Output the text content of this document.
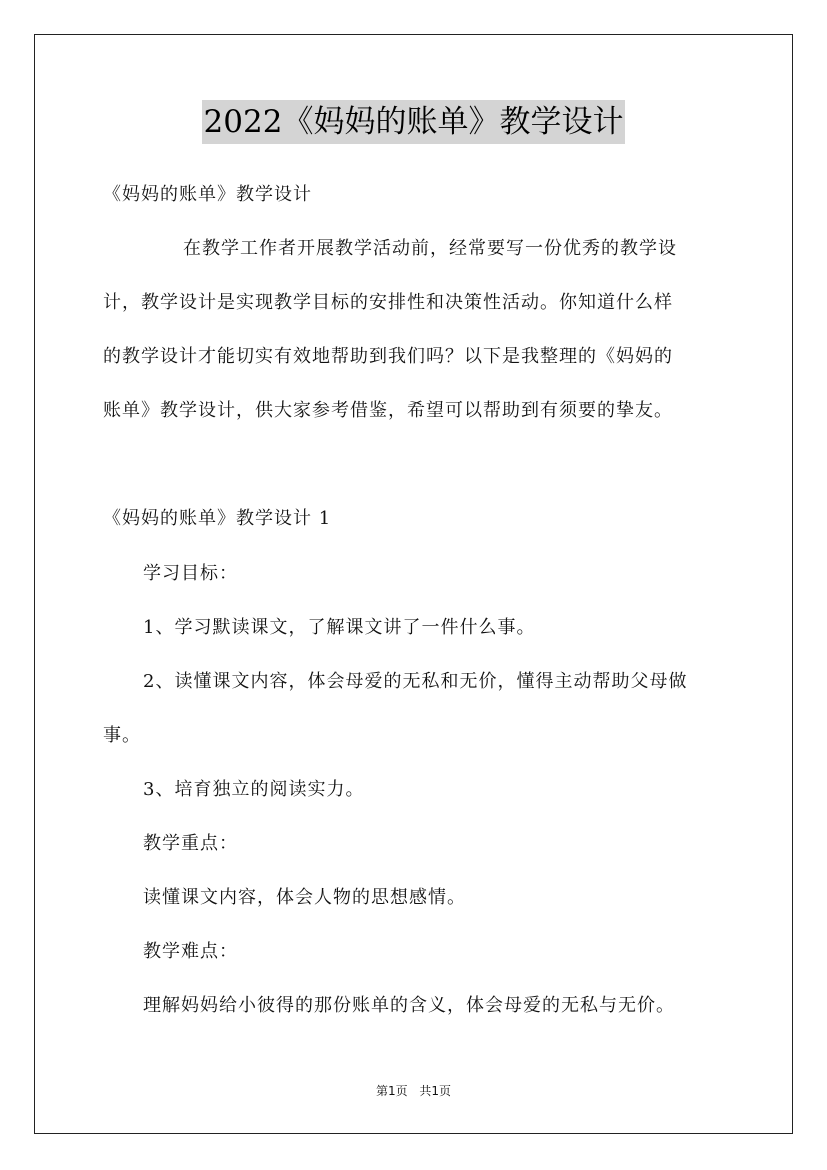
2022《妈妈的账单》教学设计
《妈妈的账单》教学设计
在教学工作者开展教学活动前，经常要写一份优秀的教学设
计，教学设计是实现教学目标的安排性和决策性活动。你知道什么样
的教学设计才能切实有效地帮助到我们吗？以下是我整理的《妈妈的
账单》教学设计，供大家参考借鉴，希望可以帮助到有须要的挚友。
《妈妈的账单》教学设计 1
学习目标：
1、学习默读课文，了解课文讲了一件什么事。
2、读懂课文内容，体会母爱的无私和无价，懂得主动帮助父母做
事。
3、培育独立的阅读实力。
教学重点：
读懂课文内容，体会人物的思想感情。
教学难点：
理解妈妈给小彼得的那份账单的含义，体会母爱的无私与无价。
第1页 共1页
